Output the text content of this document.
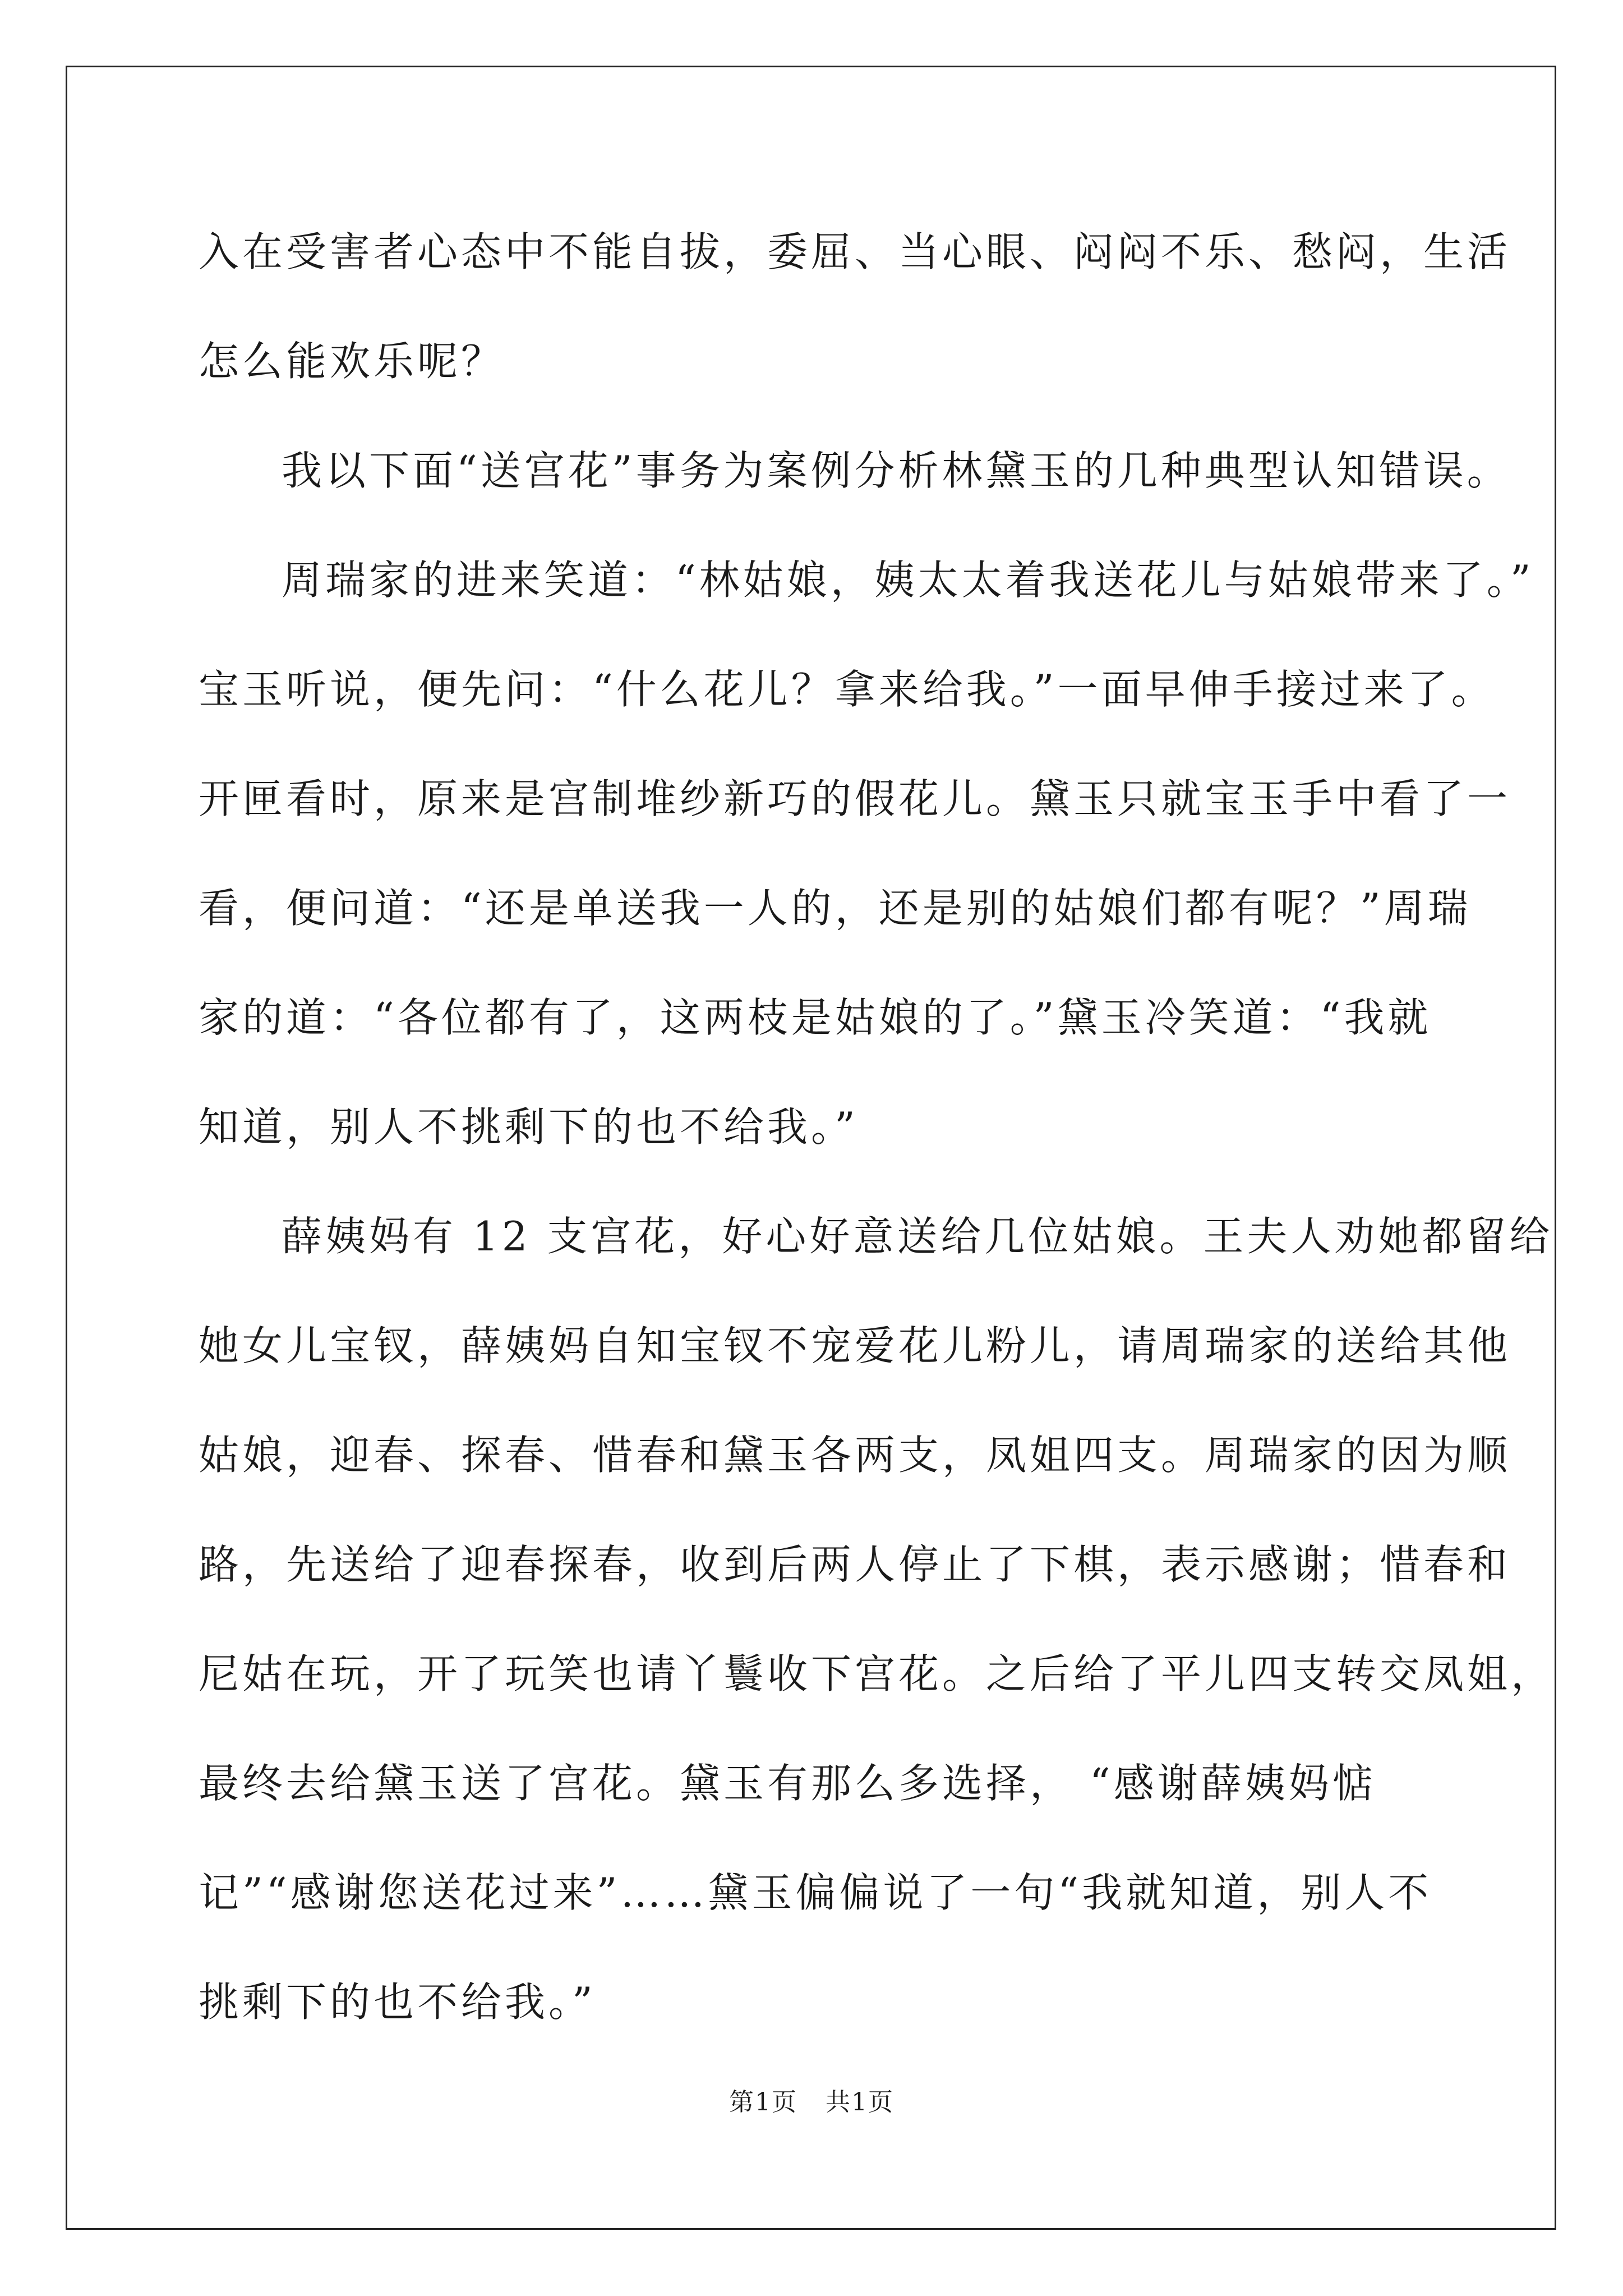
入在受害者心态中不能自拔，委屈、当心眼、闷闷不乐、愁闷，生活
怎么能欢乐呢？
我以下面“送宫花”事务为案例分析林黛玉的几种典型认知错误。
周瑞家的进来笑道：“林姑娘，姨太太着我送花儿与姑娘带来了。”
宝玉听说，便先问：“什么花儿？拿来给我。”一面早伸手接过来了。
开匣看时，原来是宫制堆纱新巧的假花儿。黛玉只就宝玉手中看了一
看，便问道：“还是单送我一人的，还是别的姑娘们都有呢？”周瑞
家的道：“各位都有了，这两枝是姑娘的了。”黛玉冷笑道：“我就
知道，别人不挑剩下的也不给我。”
薛姨妈有 12 支宫花，好心好意送给几位姑娘。王夫人劝她都留给
她女儿宝钗，薛姨妈自知宝钗不宠爱花儿粉儿，请周瑞家的送给其他
姑娘，迎春、探春、惜春和黛玉各两支，凤姐四支。周瑞家的因为顺
路，先送给了迎春探春，收到后两人停止了下棋，表示感谢；惜春和
尼姑在玩，开了玩笑也请丫鬟收下宫花。之后给了平儿四支转交凤姐，
最终去给黛玉送了宫花。黛玉有那么多选择， “感谢薛姨妈惦
记”“感谢您送花过来”……黛玉偏偏说了一句“我就知道，别人不
挑剩下的也不给我。”
第1页 共1页
